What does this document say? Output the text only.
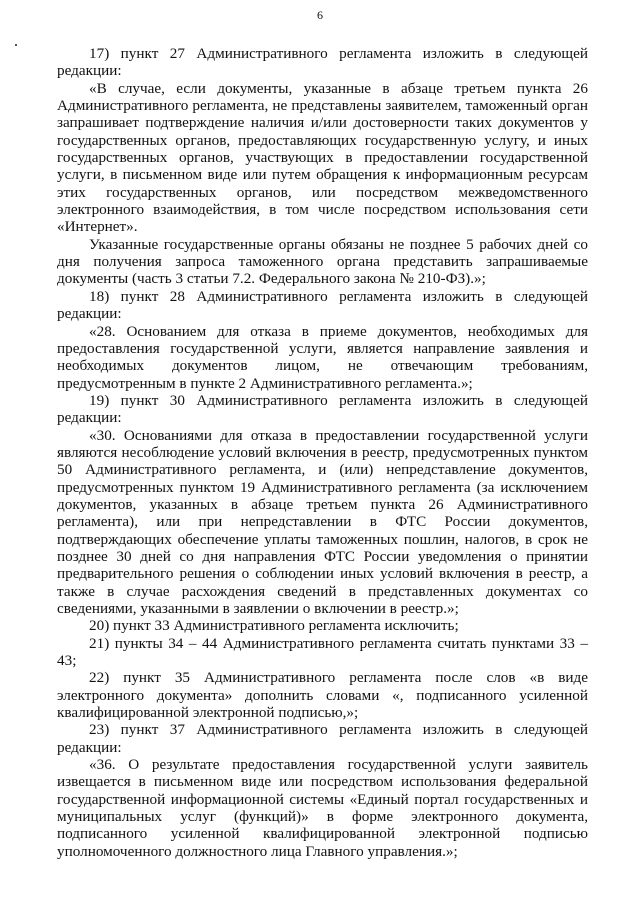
6

17) пункт 27 Административного регламента изложить в следующей редакции:

«В случае, если документы, указанные в абзаце третьем пункта 26 Административного регламента, не представлены заявителем, таможенный орган запрашивает подтверждение наличия и/или достоверности таких документов у государственных органов, предоставляющих государственную услугу, и иных государственных органов, участвующих в предоставлении государственной услуги, в письменном виде или путем обращения к информационным ресурсам этих государственных органов, или посредством межведомственного электронного взаимодействия, в том числе посредством использования сети «Интернет».

Указанные государственные органы обязаны не позднее 5 рабочих дней со дня получения запроса таможенного органа представить запрашиваемые документы (часть 3 статьи 7.2. Федерального закона № 210-ФЗ).»;

18) пункт 28 Административного регламента изложить в следующей редакции:

«28. Основанием для отказа в приеме документов, необходимых для предоставления государственной услуги, является направление заявления и необходимых документов лицом, не отвечающим требованиям, предусмотренным в пункте 2 Административного регламента.»;

19) пункт 30 Административного регламента изложить в следующей редакции:

«30. Основаниями для отказа в предоставлении государственной услуги являются несоблюдение условий включения в реестр, предусмотренных пунктом 50 Административного регламента, и (или) непредставление документов, предусмотренных пунктом 19 Административного регламента (за исключением документов, указанных в абзаце третьем пункта 26 Административного регламента), или при непредставлении в ФТС России документов, подтверждающих обеспечение уплаты таможенных пошлин, налогов, в срок не позднее 30 дней со дня направления ФТС России уведомления о принятии предварительного решения о соблюдении иных условий включения в реестр, а также в случае расхождения сведений в представленных документах со сведениями, указанными в заявлении о включении в реестр.»;

20) пункт 33 Административного регламента исключить;

21) пункты 34 – 44 Административного регламента считать пунктами 33 – 43;

22) пункт 35 Административного регламента после слов «в виде электронного документа» дополнить словами «, подписанного усиленной квалифицированной электронной подписью,»;

23) пункт 37 Административного регламента изложить в следующей редакции:

«36. О результате предоставления государственной услуги заявитель извещается в письменном виде или посредством использования федеральной государственной информационной системы «Единый портал государственных и муниципальных услуг (функций)» в форме электронного документа, подписанного усиленной квалифицированной электронной подписью уполномоченного должностного лица Главного управления.»;
